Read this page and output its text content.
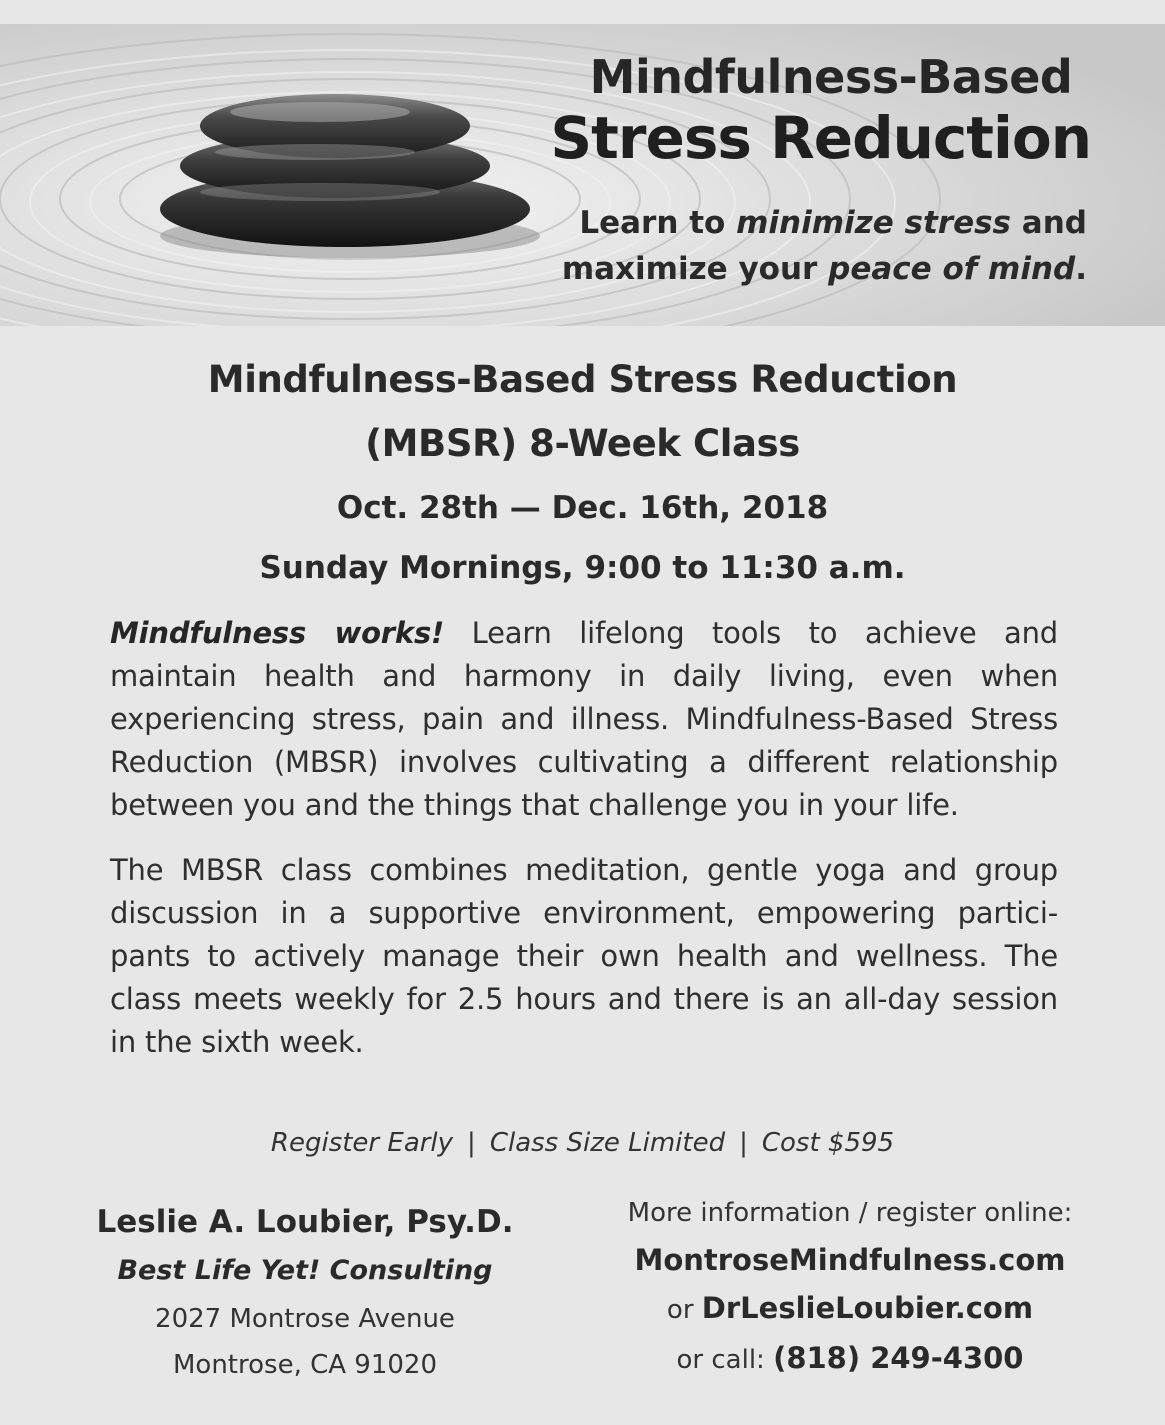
Mindfulness-Based
Stress Reduction
Learn to minimize stress and
maximize your peace of mind.
Mindfulness-Based Stress Reduction
(MBSR) 8-Week Class
Oct. 28th — Dec. 16th, 2018
Sunday Mornings, 9:00 to 11:30 a.m.

Mindfulness works! Learn lifelong tools to achieve and maintain health and harmony in daily living, even when experiencing stress, pain and illness. Mindfulness-Based Stress Reduction (MBSR) involves cultivating a different relationship between you and the things that challenge you in your life.

The MBSR class combines meditation, gentle yoga and group discussion in a supportive environment, empowering partici-pants to actively manage their own health and wellness. The class meets weekly for 2.5 hours and there is an all-day session in the sixth week.

Register Early | Class Size Limited | Cost $595
Leslie A. Loubier, Psy.D.
Best Life Yet! Consulting
2027 Montrose Avenue
Montrose, CA 91020
More information / register online:
MontroseMindfulness.com
or DrLeslieLoubier.com
or call: (818) 249-4300
